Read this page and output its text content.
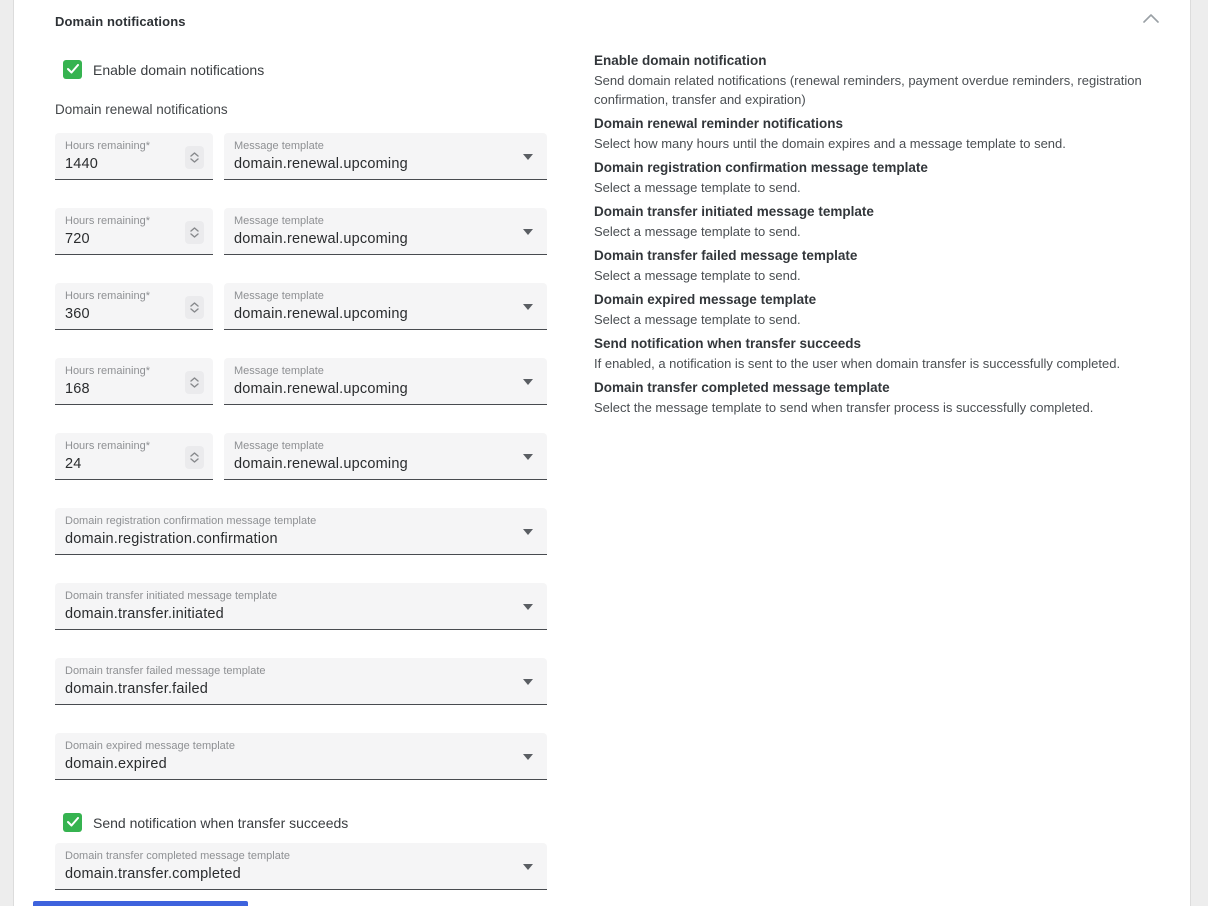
Domain notifications
Enable domain notifications
Domain renewal notifications
Hours remaining*
1440
Message template
domain.renewal.upcoming
Hours remaining*
720
Message template
domain.renewal.upcoming
Hours remaining*
360
Message template
domain.renewal.upcoming
Hours remaining*
168
Message template
domain.renewal.upcoming
Hours remaining*
24
Message template
domain.renewal.upcoming
Domain registration confirmation message template
domain.registration.confirmation
Domain transfer initiated message template
domain.transfer.initiated
Domain transfer failed message template
domain.transfer.failed
Domain expired message template
domain.expired
Send notification when transfer succeeds
Domain transfer completed message template
domain.transfer.completed
Enable domain notification
Send domain related notifications (renewal reminders, payment overdue reminders, registration confirmation, transfer and expiration)
Domain renewal reminder notifications
Select how many hours until the domain expires and a message template to send.
Domain registration confirmation message template
Select a message template to send.
Domain transfer initiated message template
Select a message template to send.
Domain transfer failed message template
Select a message template to send.
Domain expired message template
Select a message template to send.
Send notification when transfer succeeds
If enabled, a notification is sent to the user when domain transfer is successfully completed.
Domain transfer completed message template
Select the message template to send when transfer process is successfully completed.
